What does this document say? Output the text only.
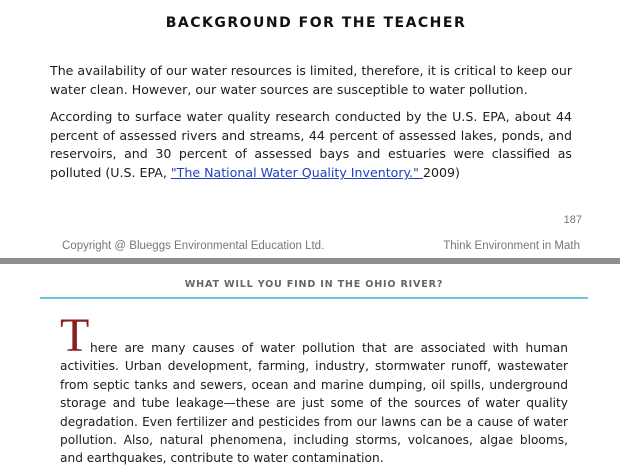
BACKGROUND FOR THE TEACHER

The availability of our water resources is limited, therefore, it is critical to keep our water clean. However, our water sources are susceptible to water pollution.

According to surface water quality research conducted by the U.S. EPA, about 44 percent of assessed rivers and streams, 44 percent of assessed lakes, ponds, and reservoirs, and 30 percent of assessed bays and estuaries were classified as polluted (U.S. EPA, "The National Water Quality Inventory." 2009)

187
Copyright @ Blueggs Environmental Education Ltd.	Think Environment in Math
WHAT WILL YOU FIND IN THE OHIO RIVER?
T here are many causes of water pollution that are associated with human activities. Urban development, farming, industry, stormwater runoff, wastewater from septic tanks and sewers, ocean and marine dumping, oil spills, underground storage and tube leakage—these are just some of the sources of water quality degradation. Even fertilizer and pesticides from our lawns can be a cause of water pollution. Also, natural phenomena, including storms, volcanoes, algae blooms, and earthquakes, contribute to water contamination.
